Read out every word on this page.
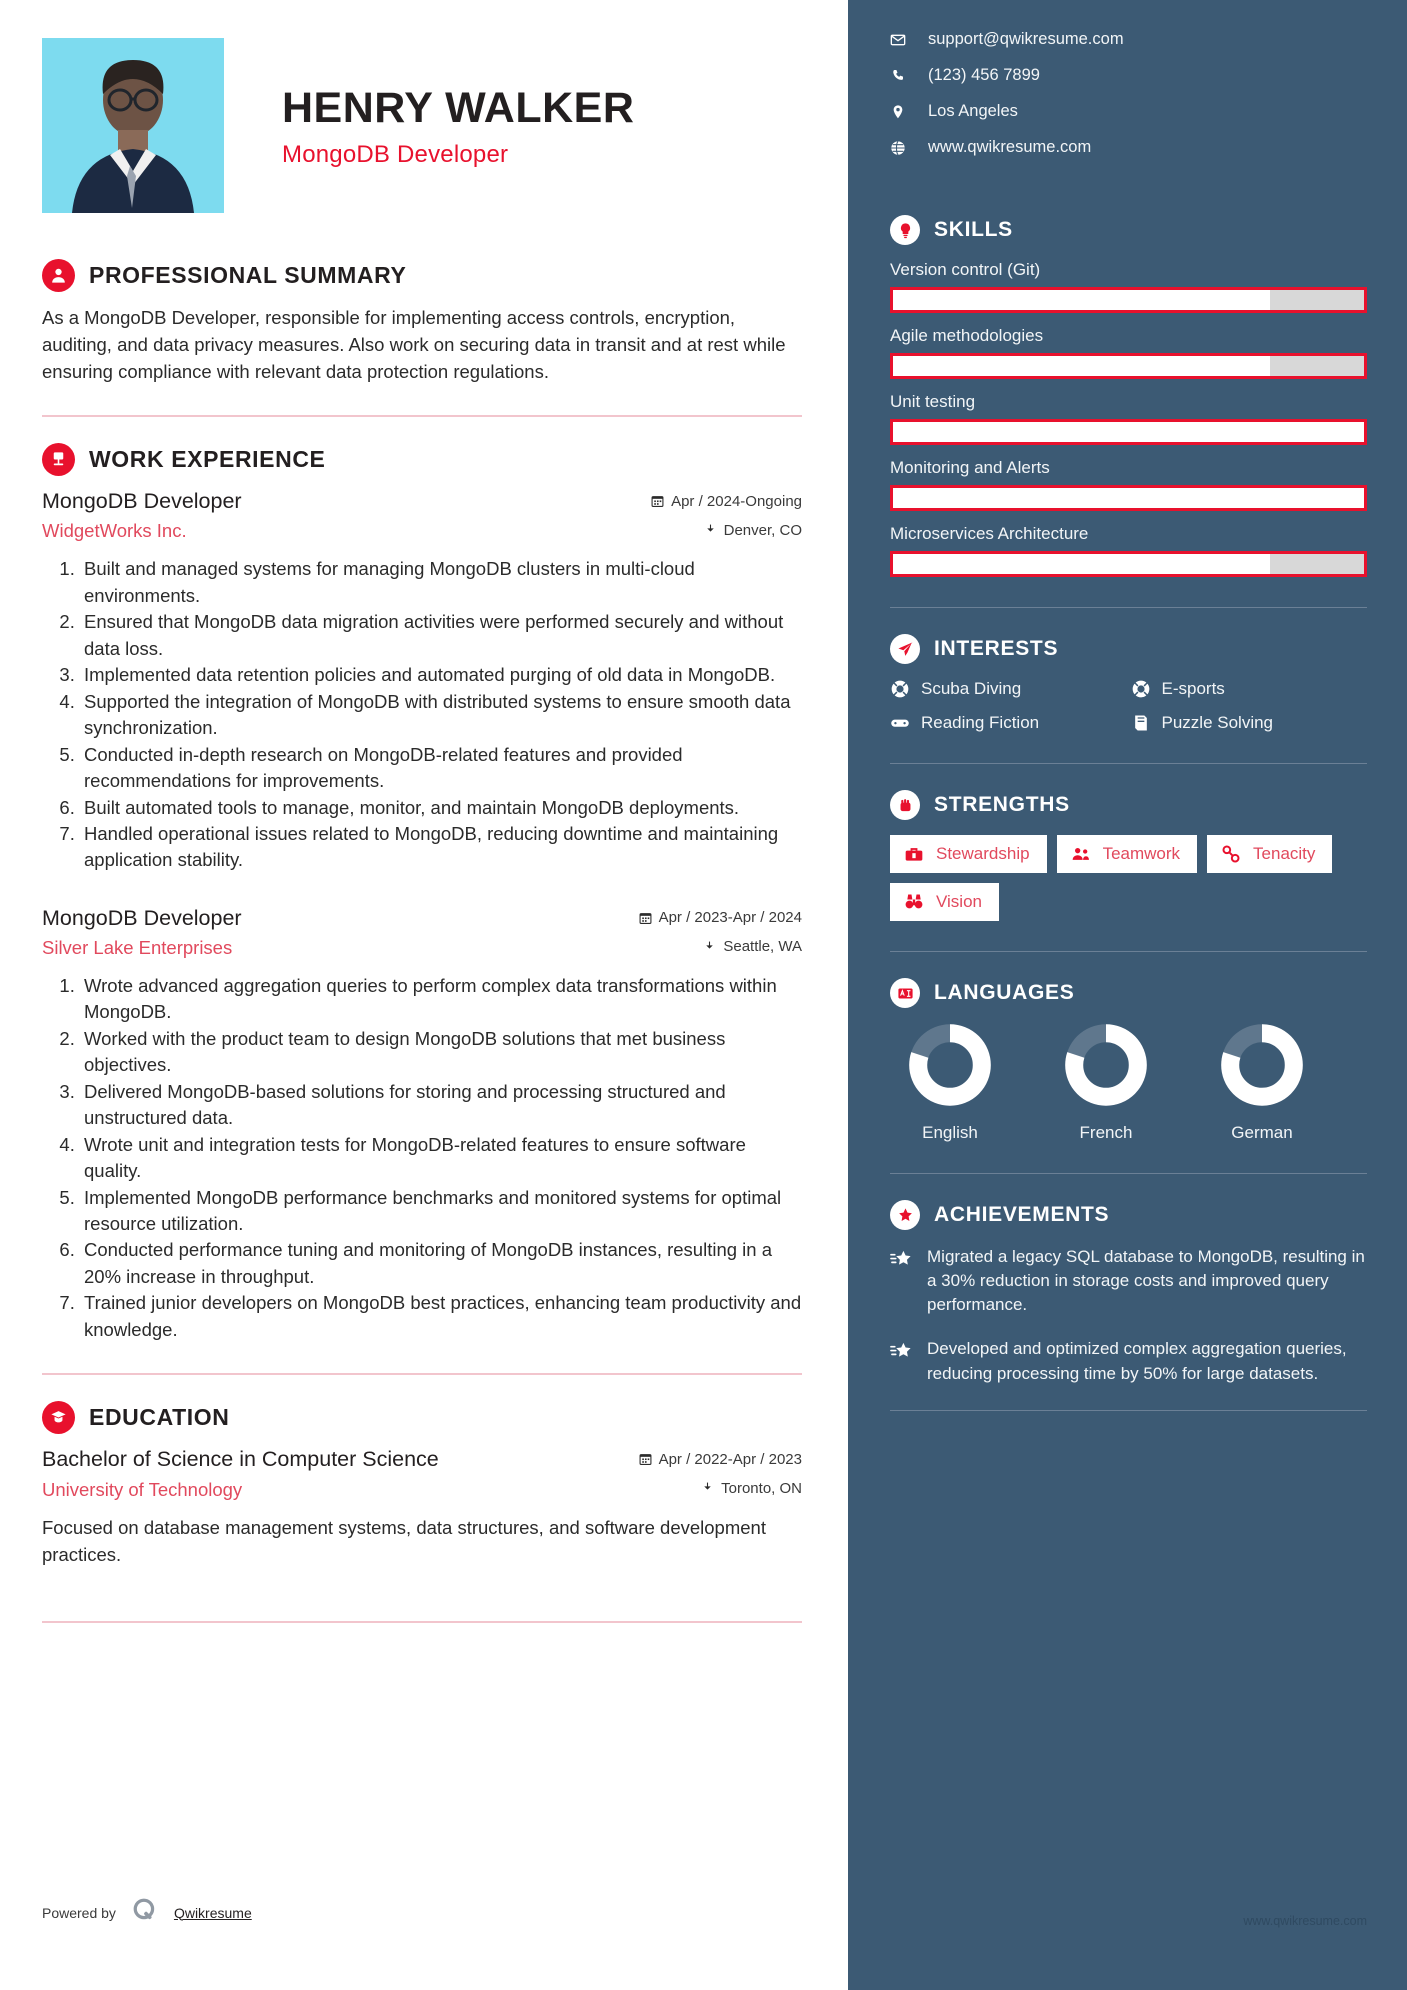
HENRY WALKER
MongoDB Developer
PROFESSIONAL SUMMARY
As a MongoDB Developer, responsible for implementing access controls, encryption, auditing, and data privacy measures. Also work on securing data in transit and at rest while ensuring compliance with relevant data protection regulations.
WORK EXPERIENCE
MongoDB Developer
WidgetWorks Inc.
Apr / 2024-Ongoing
Denver, CO
1. Built and managed systems for managing MongoDB clusters in multi-cloud environments.
2. Ensured that MongoDB data migration activities were performed securely and without data loss.
3. Implemented data retention policies and automated purging of old data in MongoDB.
4. Supported the integration of MongoDB with distributed systems to ensure smooth data synchronization.
5. Conducted in-depth research on MongoDB-related features and provided recommendations for improvements.
6. Built automated tools to manage, monitor, and maintain MongoDB deployments.
7. Handled operational issues related to MongoDB, reducing downtime and maintaining application stability.
MongoDB Developer
Silver Lake Enterprises
Apr / 2023-Apr / 2024
Seattle, WA
1. Wrote advanced aggregation queries to perform complex data transformations within MongoDB.
2. Worked with the product team to design MongoDB solutions that met business objectives.
3. Delivered MongoDB-based solutions for storing and processing structured and unstructured data.
4. Wrote unit and integration tests for MongoDB-related features to ensure software quality.
5. Implemented MongoDB performance benchmarks and monitored systems for optimal resource utilization.
6. Conducted performance tuning and monitoring of MongoDB instances, resulting in a 20% increase in throughput.
7. Trained junior developers on MongoDB best practices, enhancing team productivity and knowledge.
EDUCATION
Bachelor of Science in Computer Science
University of Technology
Apr / 2022-Apr / 2023
Toronto, ON
Focused on database management systems, data structures, and software development practices.
Powered by	Qwikresume
support@qwikresume.com
(123) 456 7899
Los Angeles
www.qwikresume.com
SKILLS
Version control (Git)
Agile methodologies
Unit testing
Monitoring and Alerts
Microservices Architecture
INTERESTS
Scuba Diving	E-sports
Reading Fiction	Puzzle Solving
STRENGTHS
Stewardship	Teamwork	Tenacity
Vision
LANGUAGES
English	French	German
ACHIEVEMENTS
Migrated a legacy SQL database to MongoDB, resulting in a 30% reduction in storage costs and improved query performance.
Developed and optimized complex aggregation queries, reducing processing time by 50% for large datasets.
www.qwikresume.com
